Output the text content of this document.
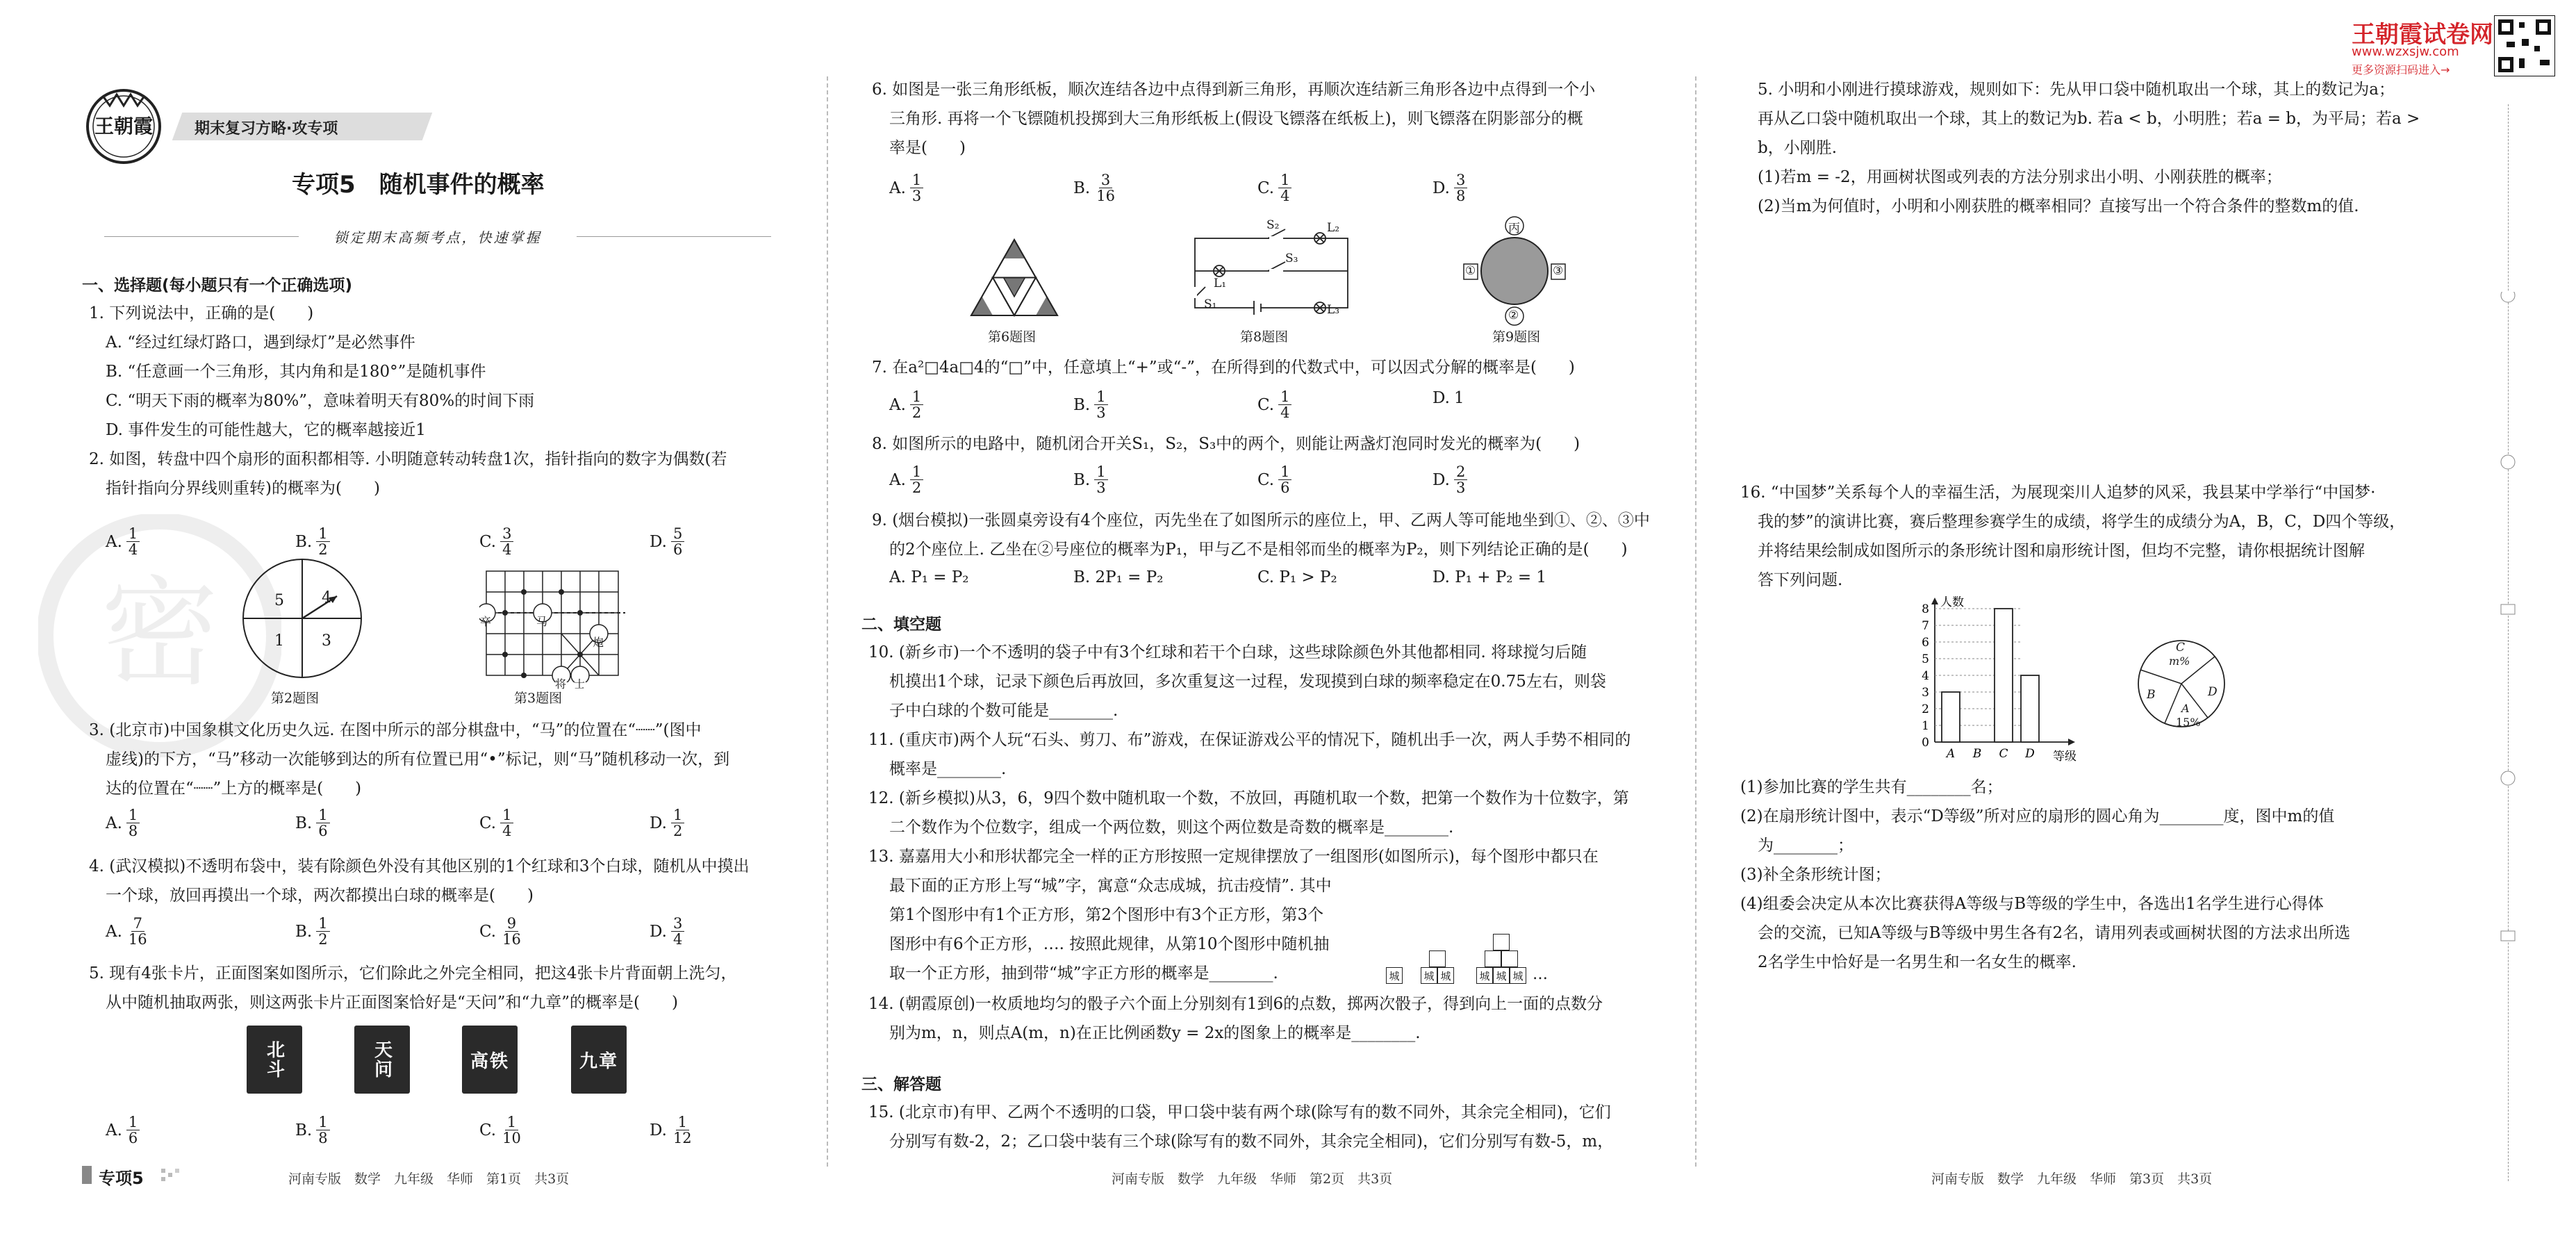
王朝霞	期末复习方略·攻专项
王朝霞试卷网
www.wzxsjw.com
更多资源扫码进入→
专项5　随机事件的概率
锁定期末高频考点，快速掌握
密
一、选择题(每小题只有一个正确选项)
1. 下列说法中，正确的是(　　)
A. “经过红绿灯路口，遇到绿灯”是必然事件
B. “任意画一个三角形，其内角和是180°”是随机事件
C. “明天下雨的概率为80%”，意味着明天有80%的时间下雨
D. 事件发生的可能性越大，它的概率越接近1
2. 如图，转盘中四个扇形的面积都相等. 小明随意转动转盘1次，指针指向的数字为偶数(若
指针指向分界线则重转)的概率为(　　)
A. $\frac{1}{4}$	B. $\frac{1}{2}$	C. $\frac{3}{4}$	D. $\frac{5}{6}$
5 4
1 3
第2题图
卒	马
炮
将 士
第3题图
3. (北京市)中国象棋文化历史久远. 在图中所示的部分棋盘中，“马”的位置在“┈┈”(图中
虚线)的下方，“马”移动一次能够到达的所有位置已用“•”标记，则“马”随机移动一次，到
达的位置在“┈┈”上方的概率是(　　)
A. $\frac{1}{8}$	B. $\frac{1}{6}$	C. $\frac{1}{4}$	D. $\frac{1}{2}$
4. (武汉模拟)不透明布袋中，装有除颜色外没有其他区别的1个红球和3个白球，随机从中摸出
一个球，放回再摸出一个球，两次都摸出白球的概率是(　　)
A. $\frac{7}{16}$	B. $\frac{1}{2}$	C. $\frac{9}{16}$	D. $\frac{3}{4}$
5. 现有4张卡片，正面图案如图所示，它们除此之外完全相同，把这4张卡片背面朝上洗匀，
从中随机抽取两张，则这两张卡片正面图案恰好是“天问”和“九章”的概率是(　　)
北斗	天问	高铁	九章
A. $\frac{1}{6}$	B. $\frac{1}{8}$	C. $\frac{1}{10}$	D. $\frac{1}{12}$
6. 如图是一张三角形纸板，顺次连结各边中点得到新三角形，再顺次连结新三角形各边中点得到一个小
三角形. 再将一个飞镖随机投掷到大三角形纸板上(假设飞镖落在纸板上)，则飞镖落在阴影部分的概
率是(　　)
A. $\frac{1}{3}$	B. $\frac{3}{16}$	C. $\frac{1}{4}$	D. $\frac{3}{8}$
第6题图
S₂	L₂
L₁
S₃
S₁	L₃
第8题图
丙
①	③
②
第9题图
7. 在a²□4a□4的“□”中，任意填上“+”或“-”，在所得到的代数式中，可以因式分解的概率是(　　)
A. $\frac{1}{2}$	B. $\frac{1}{3}$	C. $\frac{1}{4}$	D. 1
8. 如图所示的电路中，随机闭合开关S₁，S₂，S₃中的两个，则能让两盏灯泡同时发光的概率为(　　)
A. $\frac{1}{2}$	B. $\frac{1}{3}$	C. $\frac{1}{6}$	D. $\frac{2}{3}$
9. (烟台模拟)一张圆桌旁设有4个座位，丙先坐在了如图所示的座位上，甲、乙两人等可能地坐到①、②、③中
的2个座位上. 乙坐在②号座位的概率为P₁，甲与乙不是相邻而坐的概率为P₂，则下列结论正确的是(　　)
A. P₁ = P₂	B. 2P₁ = P₂	C. P₁ > P₂	D. P₁ + P₂ = 1
二、填空题
10. (新乡市)一个不透明的袋子中有3个红球和若干个白球，这些球除颜色外其他都相同. 将球搅匀后随
机摸出1个球，记录下颜色后再放回，多次重复这一过程，发现摸到白球的频率稳定在0.75左右，则袋
子中白球的个数可能是________.
11. (重庆市)两个人玩“石头、剪刀、布”游戏，在保证游戏公平的情况下，随机出手一次，两人手势不相同的
概率是________.
12. (新乡模拟)从3，6，9四个数中随机取一个数，不放回，再随机取一个数，把第一个数作为十位数字，第
二个数作为个位数字，组成一个两位数，则这个两位数是奇数的概率是________.
13. 嘉嘉用大小和形状都完全一样的正方形按照一定规律摆放了一组图形(如图所示)，每个图形中都只在
最下面的正方形上写“城”字，寓意“众志成城，抗击疫情”. 其中
第1个图形中有1个正方形，第2个图形中有3个正方形，第3个
图形中有6个正方形，…. 按照此规律，从第10个图形中随机抽
取一个正方形，抽到带“城”字正方形的概率是________.	城	城 城	城 城 城 …
14. (朝霞原创)一枚质地均匀的骰子六个面上分别刻有1到6的点数，掷两次骰子，得到向上一面的点数分
别为m，n，则点A(m，n)在正比例函数y = 2x的图象上的概率是________.
三、解答题
15. (北京市)有甲、乙两个不透明的口袋，甲口袋中装有两个球(除写有的数不同外，其余完全相同)，它们
分别写有数-2，2；乙口袋中装有三个球(除写有的数不同外，其余完全相同)，它们分别写有数-5，m，
5. 小明和小刚进行摸球游戏，规则如下：先从甲口袋中随机取出一个球，其上的数记为a；
再从乙口袋中随机取出一个球，其上的数记为b. 若a < b，小明胜；若a = b，为平局；若a >
b，小刚胜.
(1)若m = -2，用画树状图或列表的方法分别求出小明、小刚获胜的概率；
(2)当m为何值时，小明和小刚获胜的概率相同？直接写出一个符合条件的整数m的值.
16. “中国梦”关系每个人的幸福生活，为展现栾川人追梦的风采，我县某中学举行“中国梦·
我的梦”的演讲比赛，赛后整理参赛学生的成绩，将学生的成绩分为A，B，C，D四个等级，
并将结果绘制成如图所示的条形统计图和扇形统计图，但均不完整，请你根据统计图解
答下列问题.
8
7
6
5
4
3
2
1
0
A B C D
人数
等级
C
m%
B	D
A
15%
(1)参加比赛的学生共有________名；
(2)在扇形统计图中，表示“D等级”所对应的扇形的圆心角为________度，图中m的值
为________；
(3)补全条形统计图；
(4)组委会决定从本次比赛获得A等级与B等级的学生中，各选出1名学生进行心得体
会的交流，已知A等级与B等级中男生各有2名，请用列表或画树状图的方法求出所选
2名学生中恰好是一名男生和一名女生的概率.
专项5	河南专版　数学　九年级　华师　第1页　共3页	河南专版　数学　九年级　华师　第2页　共3页	河南专版　数学　九年级　华师　第3页　共3页
